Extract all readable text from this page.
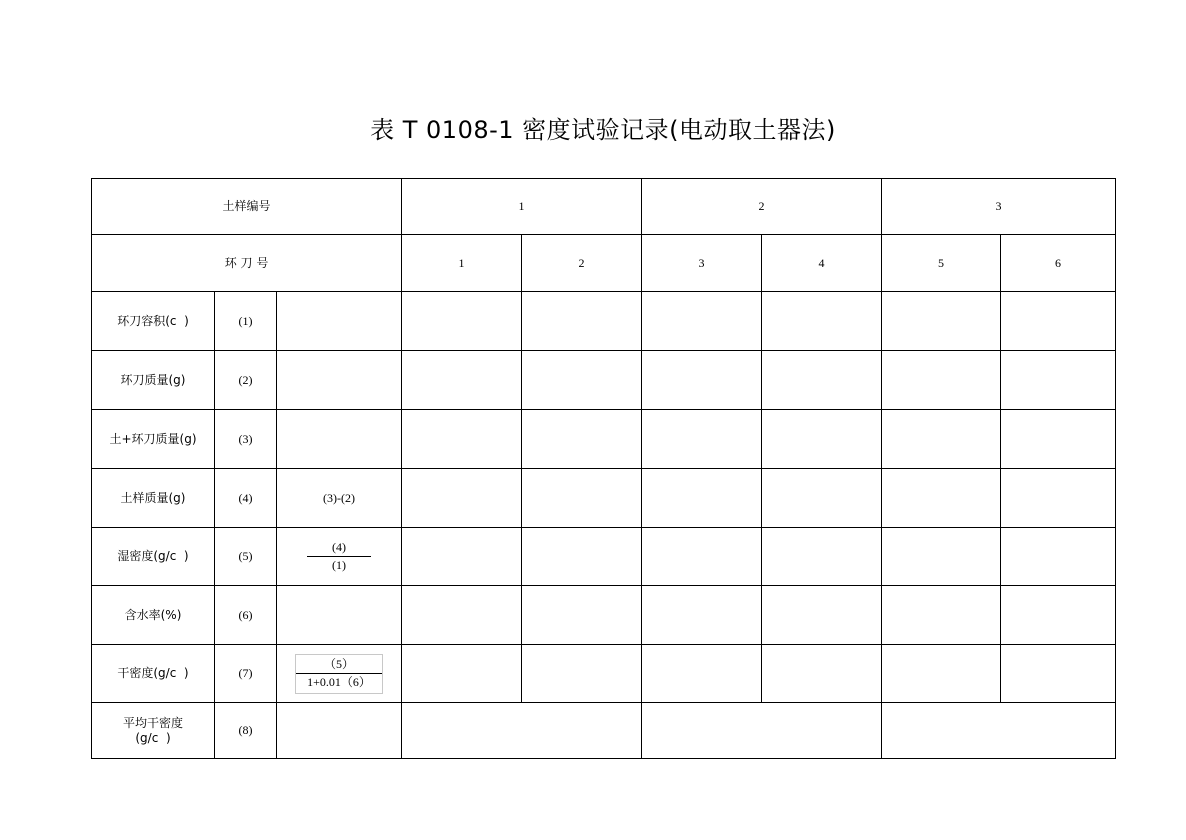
表 T 0108-1 密度试验记录(电动取土器法)
土样编号			1		2		3	
环 刀 号			1	2	3	4	5	6
环刀容积(c  )	(1)							
环刀质量(g)	(2)							
土+环刀质量(g)	(3)							
土样质量(g)	(4)	(3)-(2)						
湿密度(g/c  )	(5)	$\frac{(4)}{(1)}$

含水率(%)	(6)							
干密度(g/c  )	(7)	$\frac{(5)}{1+0.01(6)}$

平均干密度
(g/c  )	(8)							
